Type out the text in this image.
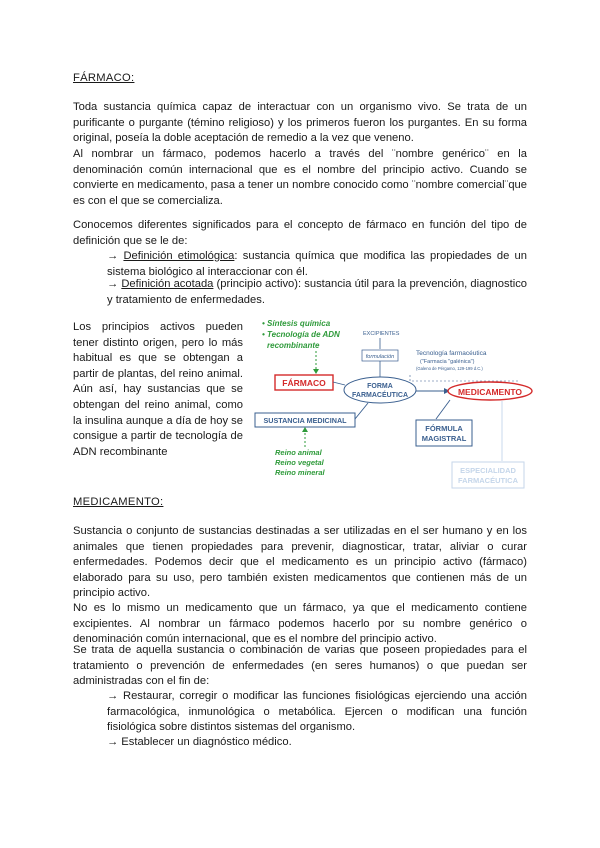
FÁRMACO:
Toda sustancia química capaz de interactuar con un organismo vivo. Se trata de un purificante o purgante (témino religioso) y los primeros fueron los purgantes. En su forma original, poseía la doble aceptación de remedio a la vez que veneno.
Al nombrar un fármaco, podemos hacerlo a través del ¨nombre genérico¨ en la denominación común internacional que es el nombre del principio activo. Cuando se convierte en medicamento, pasa a tener un nombre conocido como ¨nombre comercial¨que es con el que se comercializa.
Conocemos diferentes significados para el concepto de fármaco en función del tipo de definición que se le de:
→ Definición etimológica: sustancia química que modifica las propiedades de un sistema biológico al interaccionar con él.
→ Definición acotada (principio activo): sustancia útil para la prevención, diagnostico y tratamiento de enfermedades.
Los principios activos pueden tener distinto origen, pero lo más habitual es que se obtengan a partir de plantas, del reino animal. Aún así, hay sustancias que se obtengan del reino animal, como la insulina aunque a día de hoy se consigue a partir de tecnología de ADN recombinante
• Síntesis química
• Tecnología de ADN
recombinante
EXCIPIENTES
formulación	Tecnología farmacéutica
("Farmacia "galénica")
(Galeno de Pérgamo, 129-199 d.C.)
FÁRMACO	FORMA
FARMACÉUTICA	MEDICAMENTO
SUSTANCIA MEDICINAL
Reino animal
Reino vegetal
Reino mineral
FÓRMULA
MAGISTRAL
ESPECIALIDAD
FARMACÉUTICA
MEDICAMENTO:
Sustancia o conjunto de sustancias destinadas a ser utilizadas en el ser humano y en los animales que tienen propiedades para prevenir, diagnosticar, tratar, aliviar o curar enfermedades. Podemos decir que el medicamento es un principio activo (fármaco) elaborado para su uso, pero también existen medicamentos que contienen más de un principio activo.
No es lo mismo un medicamento que un fármaco, ya que el medicamento contiene excipientes. Al nombrar un fármaco podemos hacerlo por su nombre genérico o denominación común internacional, que es el nombre del principio activo.
Se trata de aquella sustancia o combinación de varias que poseen propiedades para el tratamiento o prevención de enfermedades (en seres humanos) o que puedan ser administradas con el fin de:
→ Restaurar, corregir o modificar las funciones fisiológicas ejerciendo una acción farmacológica, inmunológica o metabólica. Ejercen o modifican una función fisiológica sobre distintos sistemas del organismo.
→ Establecer un diagnóstico médico.
